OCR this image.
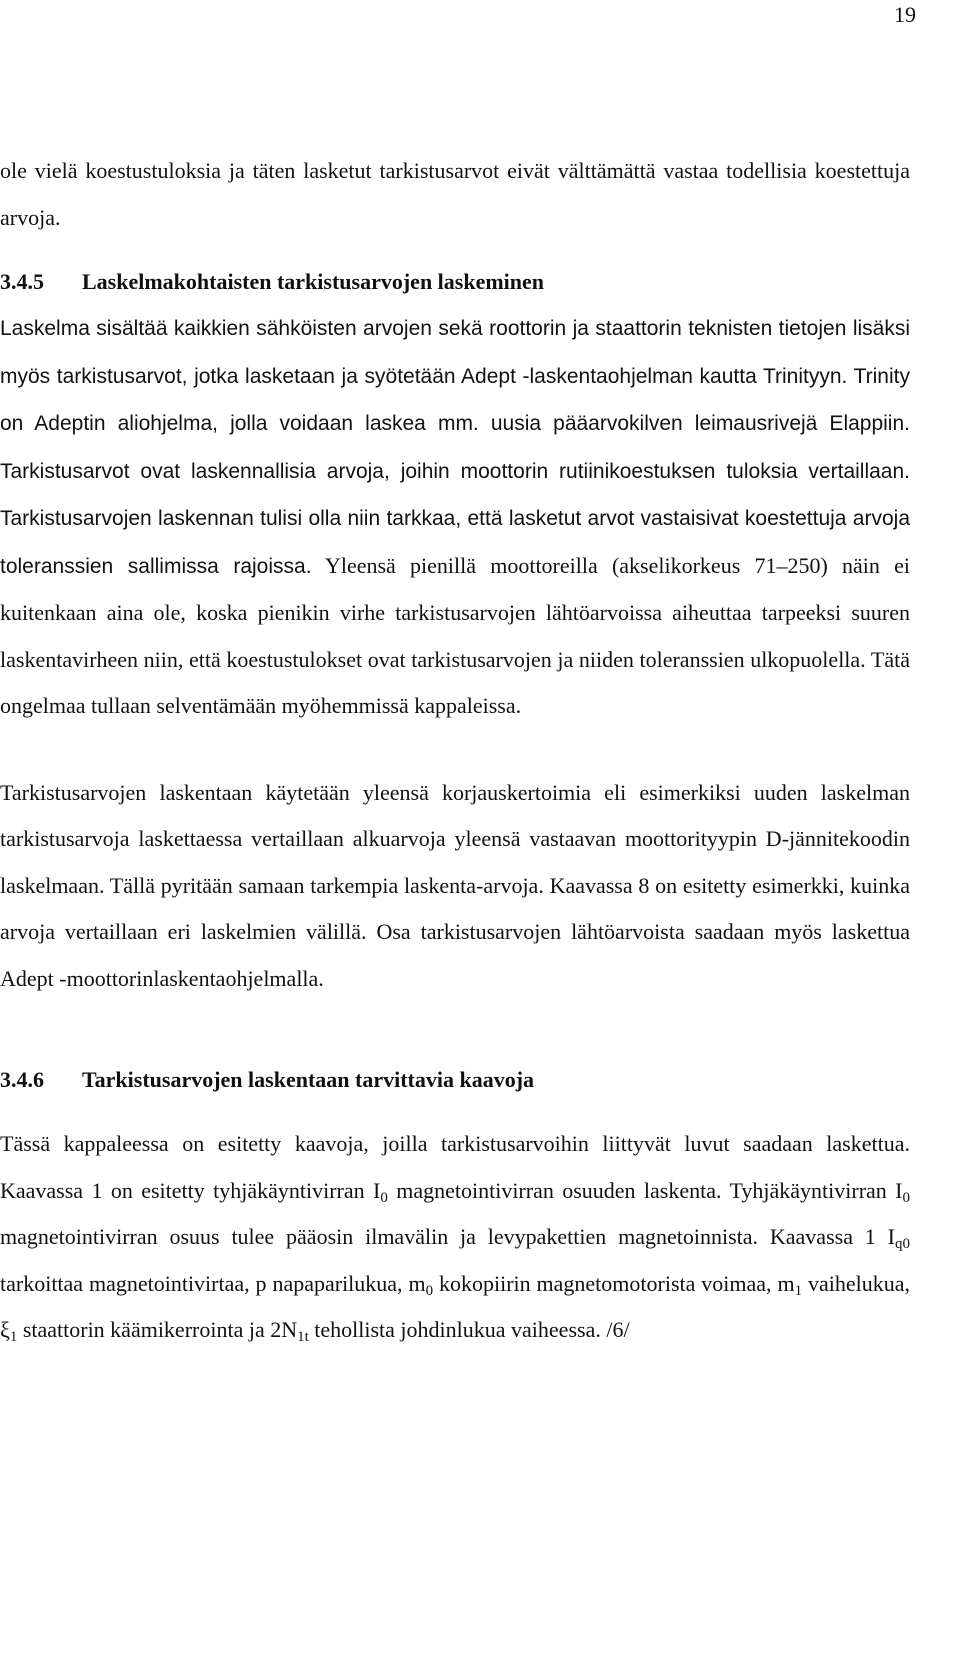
19

ole vielä koestustuloksia ja täten lasketut tarkistusarvot eivät välttämättä vastaa todellisia koestettuja arvoja.

3.4.5 Laskelmakohtaisten tarkistusarvojen laskeminen

Laskelma sisältää kaikkien sähköisten arvojen sekä roottorin ja staattorin teknisten tietojen lisäksi myös tarkistusarvot, jotka lasketaan ja syötetään Adept -laskentaohjelman kautta Trinityyn. Trinity on Adeptin aliohjelma, jolla voidaan laskea mm. uusia pääarvokilven leimausrivejä Elappiin. Tarkistusarvot ovat laskennallisia arvoja, joihin moottorin rutiinikoestuksen tuloksia vertaillaan. Tarkistusarvojen laskennan tulisi olla niin tarkkaa, että lasketut arvot vastaisivat koestettuja arvoja toleranssien sallimissa rajoissa. Yleensä pienillä moottoreilla (akselikorkeus 71–250) näin ei kuitenkaan aina ole, koska pienikin virhe tarkistusarvojen lähtöarvoissa aiheuttaa tarpeeksi suuren laskentavirheen niin, että koestustulokset ovat tarkistusarvojen ja niiden toleranssien ulkopuolella. Tätä ongelmaa tullaan selventämään myöhemmissä kappaleissa.

Tarkistusarvojen laskentaan käytetään yleensä korjauskertoimia eli esimerkiksi uuden laskelman tarkistusarvoja laskettaessa vertaillaan alkuarvoja yleensä vastaavan moottorityypin D-jännitekoodin laskelmaan. Tällä pyritään samaan tarkempia laskenta-arvoja. Kaavassa 8 on esitetty esimerkki, kuinka arvoja vertaillaan eri laskelmien välillä. Osa tarkistusarvojen lähtöarvoista saadaan myös laskettua Adept -moottorinlaskentaohjelmalla.

3.4.6 Tarkistusarvojen laskentaan tarvittavia kaavoja

Tässä kappaleessa on esitetty kaavoja, joilla tarkistusarvoihin liittyvät luvut saadaan laskettua. Kaavassa 1 on esitetty tyhjäkäyntivirran $I_0$ magnetointivirran osuuden laskenta. Tyhjäkäyntivirran $I_0$ magnetointivirran osuus tulee pääosin ilmavälin ja levypakettien magnetoinnista. Kaavassa 1 $I_{q0}$ tarkoittaa magnetointivirtaa, p napaparilukua, $m_0$ kokopiirin magnetomotorista voimaa, $m_1$ vaihelukua, $\xi_1$ staattorin käämikerrointa ja $2N_{1t}$ tehollista johdinlukua vaiheessa. /6/
